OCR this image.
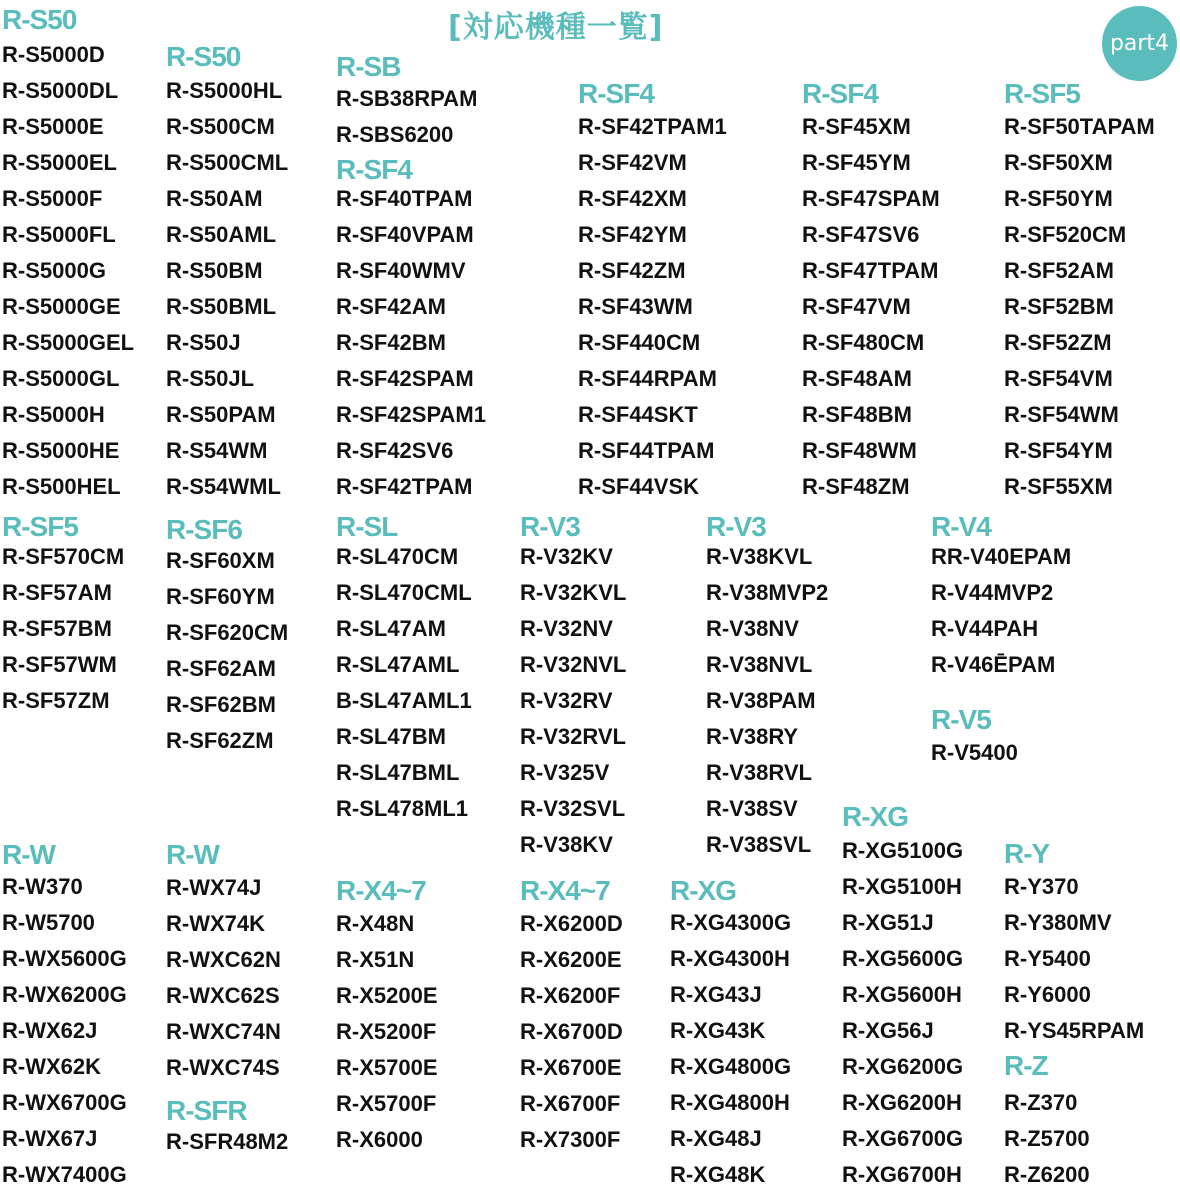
[対応機種一覧]	part4
R-S50
R-S5000D
R-S5000DL
R-S5000E
R-S5000EL
R-S5000F
R-S5000FL
R-S5000G
R-S5000GE
R-S5000GEL
R-S5000GL
R-S5000H
R-S5000HE
R-S500HEL
R-S50
R-S5000HL
R-S500CM
R-S500CML
R-S50AM
R-S50AML
R-S50BM
R-S50BML
R-S50J
R-S50JL
R-S50PAM
R-S54WM
R-S54WML
R-SB
R-SB38RPAM
R-SBS6200
R-SF4
R-SF40TPAM
R-SF40VPAM
R-SF40WMV
R-SF42AM
R-SF42BM
R-SF42SPAM
R-SF42SPAM1
R-SF42SV6
R-SF42TPAM
R-SF4
R-SF42TPAM1
R-SF42VM
R-SF42XM
R-SF42YM
R-SF42ZM
R-SF43WM
R-SF440CM
R-SF44RPAM
R-SF44SKT
R-SF44TPAM
R-SF44VSK
R-SF4
R-SF45XM
R-SF45YM
R-SF47SPAM
R-SF47SV6
R-SF47TPAM
R-SF47VM
R-SF480CM
R-SF48AM
R-SF48BM
R-SF48WM
R-SF48ZM
R-SF5
R-SF50TAPAM
R-SF50XM
R-SF50YM
R-SF520CM
R-SF52AM
R-SF52BM
R-SF52ZM
R-SF54VM
R-SF54WM
R-SF54YM
R-SF55XM
R-SF5
R-SF570CM
R-SF57AM
R-SF57BM
R-SF57WM
R-SF57ZM
R-SF6
R-SF60XM
R-SF60YM
R-SF620CM
R-SF62AM
R-SF62BM
R-SF62ZM
R-SL
R-SL470CM
R-SL470CML
R-SL47AM
R-SL47AML
B-SL47AML1
R-SL47BM
R-SL47BML
R-SL478ML1
R-V3
R-V32KV
R-V32KVL
R-V32NV
R-V32NVL
R-V32RV
R-V32RVL
R-V325V
R-V32SVL
R-V38KV
R-V3
R-V38KVL
R-V38MVP2
R-V38NV
R-V38NVL
R-V38PAM
R-V38RY
R-V38RVL
R-V38SV
R-V38SVL
R-V4
RR-V40EPAM
R-V44MVP2
R-V44PAH
R-V46ĒPAM
R-V5
R-V5400
R-W
R-W370
R-W5700
R-WX5600G
R-WX6200G
R-WX62J
R-WX62K
R-WX6700G
R-WX67J
R-WX7400G
R-W
R-WX74J
R-WX74K
R-WXC62N
R-WXC62S
R-WXC74N
R-WXC74S
R-SFR
R-SFR48M2
R-X4~7
R-X48N
R-X51N
R-X5200E
R-X5200F
R-X5700E
R-X5700F
R-X6000
R-X4~7
R-X6200D
R-X6200E
R-X6200F
R-X6700D
R-X6700E
R-X6700F
R-X7300F
R-XG
R-XG4300G
R-XG4300H
R-XG43J
R-XG43K
R-XG4800G
R-XG4800H
R-XG48J
R-XG48K
R-XG
R-XG5100G
R-XG5100H
R-XG51J
R-XG5600G
R-XG5600H
R-XG56J
R-XG6200G
R-XG6200H
R-XG6700G
R-XG6700H
R-Y
R-Y370
R-Y380MV
R-Y5400
R-Y6000
R-YS45RPAM
R-Z
R-Z370
R-Z5700
R-Z6200
